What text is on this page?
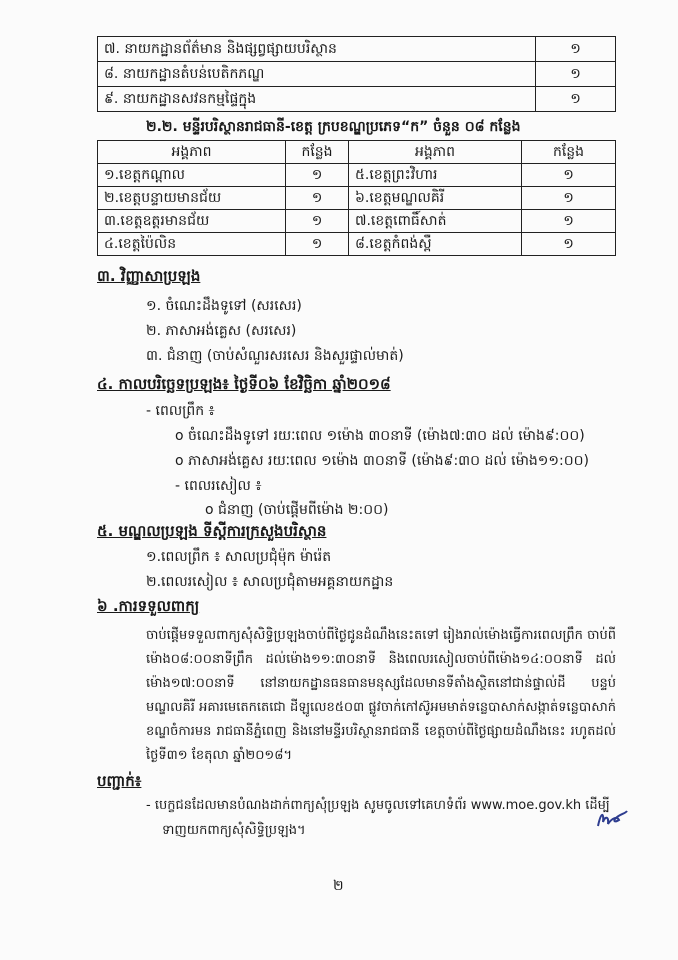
៧. នាយកដ្ឋានព័ត៌មាន និងផ្សព្វផ្សាយបរិស្ថាន	១
៨. នាយកដ្ឋានតំបន់បេតិកភណ្ឌ	១
៩. នាយកដ្ឋានសវនកម្មផ្ទៃក្នុង	១
២.២. មន្ទីរបរិស្ថានរាជធានី-ខេត្ត ក្របខណ្ឌប្រភេទ“ក” ចំនួន ០៨ កន្លែង
អង្គភាព	កន្លែង	អង្គភាព	កន្លែង
១.ខេត្តកណ្តាល	១	៥.ខេត្តព្រះវិហារ	១
២.ខេត្តបន្ទាយមានជ័យ	១	៦.ខេត្តមណ្ឌលគិរី	១
៣.ខេត្តឧត្តរមានជ័យ	១	៧.ខេត្តពោធិ៍សាត់	១
៤.ខេត្តប៉ៃលិន	១	៨.ខេត្តកំពង់ស្ពឺ	១
៣. វិញ្ញាសាប្រឡង
១. ចំណេះដឹងទូទៅ (សរសេរ)
២. ភាសាអង់គ្លេស (សរសេរ)
៣. ជំនាញ (ចាប់សំណួរសរសេរ និងសួរផ្ទាល់មាត់)
៤. កាលបរិច្ឆេទប្រឡង៖ ថ្ងៃទី០៦ ខែវិច្ឆិកា ឆ្នាំ២០១៨
- ពេលព្រឹក ៖
o ចំណេះដឹងទូទៅ រយៈពេល ១ម៉ោង ៣០នាទី (ម៉ោង៧:៣០ ដល់ ម៉ោង៩:០០)
o ភាសាអង់គ្លេស រយៈពេល ១ម៉ោង ៣០នាទី (ម៉ោង៩:៣០ ដល់ ម៉ោង១១:០០)
- ពេលរសៀល ៖
o ជំនាញ (ចាប់ផ្តើមពីម៉ោង ២:០០)
៥. មណ្ឌលប្រឡង ទីស្តីការក្រសួងបរិស្ថាន
១.ពេលព្រឹក ៖ សាលប្រជុំម៉ុក ម៉ារ៉េត
២.ពេលរសៀល ៖ សាលប្រជុំតាមអគ្គនាយកដ្ឋាន
៦ .ការទទួលពាក្យ
ចាប់ផ្តើមទទួលពាក្យសុំសិទ្ធិប្រឡងចាប់ពីថ្ងៃជូនដំណឹងនេះតទៅ រៀងរាល់ម៉ោងធ្វើការពេលព្រឹក ចាប់ពីម៉ោង០៨:០០នាទីព្រឹក ដល់ម៉ោង១១:៣០នាទី និងពេលរសៀលចាប់ពីម៉ោង១៤:០០នាទី ដល់ម៉ោង១៧:០០នាទី នៅនាយកដ្ឋានធនធានមនុស្សដែលមានទីតាំងស្ថិតនៅជាន់ផ្ទាល់ដី បន្ទប់មណ្ឌលគិរី អគារមេតេកតេជោ ដីឡូលេខ៥០៣ ផ្លូវចាក់កៅស៊ូអមមាត់ទន្លេបាសាក់សង្កាត់ទន្លេបាសាក់ ខណ្ឌចំការមន រាជធានីភ្នំពេញ និងនៅមន្ទីរបរិស្ថានរាជធានី ខេត្តចាប់ពីថ្ងៃផ្សាយដំណឹងនេះ រហូតដល់ថ្ងៃទី៣១ ខែតុលា ឆ្នាំ២០១៨។
បញ្ជាក់៖
- បេក្ខជនដែលមានបំណងដាក់ពាក្យសុំប្រឡង សូមចូលទៅគេហទំព័រ www.moe.gov.kh ដើម្បី
ទាញយកពាក្យសុំសិទ្ធិប្រឡង។
២
